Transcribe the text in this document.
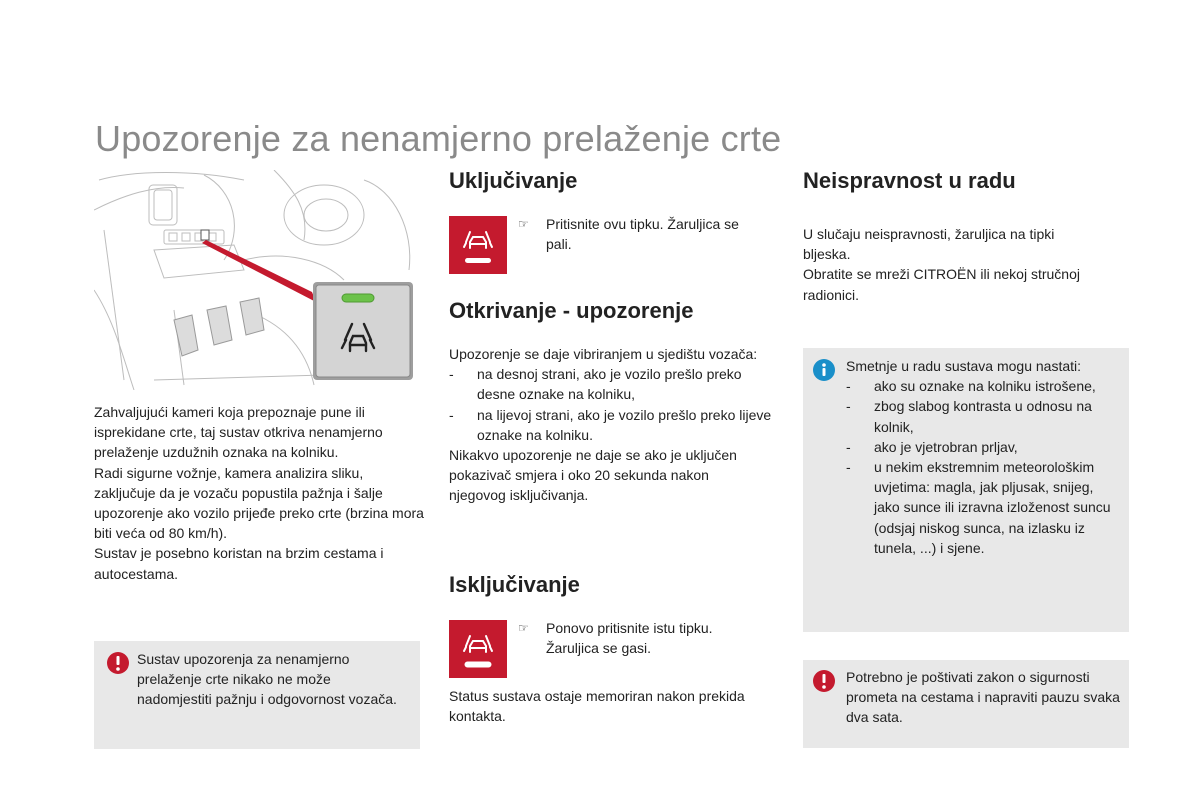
Upozorenje za nenamjerno prelaženje crte

Zahvaljujući kameri koja prepoznaje pune ili isprekidane crte, taj sustav otkriva nenamjerno prelaženje uzdužnih oznaka na kolniku.

Radi sigurne vožnje, kamera analizira sliku, zaključuje da je vozaču popustila pažnja i šalje upozorenje ako vozilo prijeđe preko crte (brzina mora biti veća od 80 km/h).

Sustav je posebno koristan na brzim cestama i autocestama.

Sustav upozorenja za nenamjerno prelaženje crte nikako ne može nadomjestiti pažnju i odgovornost vozača.
Uključivanje
☞ Pritisnite ovu tipku. Žaruljica se pali.
Otkrivanje - upozorenje

Upozorenje se daje vibriranjem u sjedištu vozača:

- na desnoj strani, ako je vozilo prešlo preko desne oznake na kolniku,
- na lijevoj strani, ako je vozilo prešlo preko lijeve oznake na kolniku.

Nikakvo upozorenje ne daje se ako je uključen pokazivač smjera i oko 20 sekunda nakon njegovog isključivanja.

Isključivanje
☞ Ponovo pritisnite istu tipku. Žaruljica se gasi.
Status sustava ostaje memoriran nakon prekida kontakta.
Neispravnost u radu

U slučaju neispravnosti, žaruljica na tipki bljeska.

Obratite se mreži CITROËN ili nekoj stručnoj radionici.

Smetnje u radu sustava mogu nastati:
- ako su oznake na kolniku istrošene,
- zbog slabog kontrasta u odnosu na kolnik,
- ako je vjetrobran prljav,
- u nekim ekstremnim meteorološkim uvjetima: magla, jak pljusak, snijeg, jako sunce ili izravna izloženost suncu (odsjaj niskog sunca, na izlasku iz tunela, ...) i sjene.
Potrebno je poštivati zakon o sigurnosti prometa na cestama i napraviti pauzu svaka dva sata.
